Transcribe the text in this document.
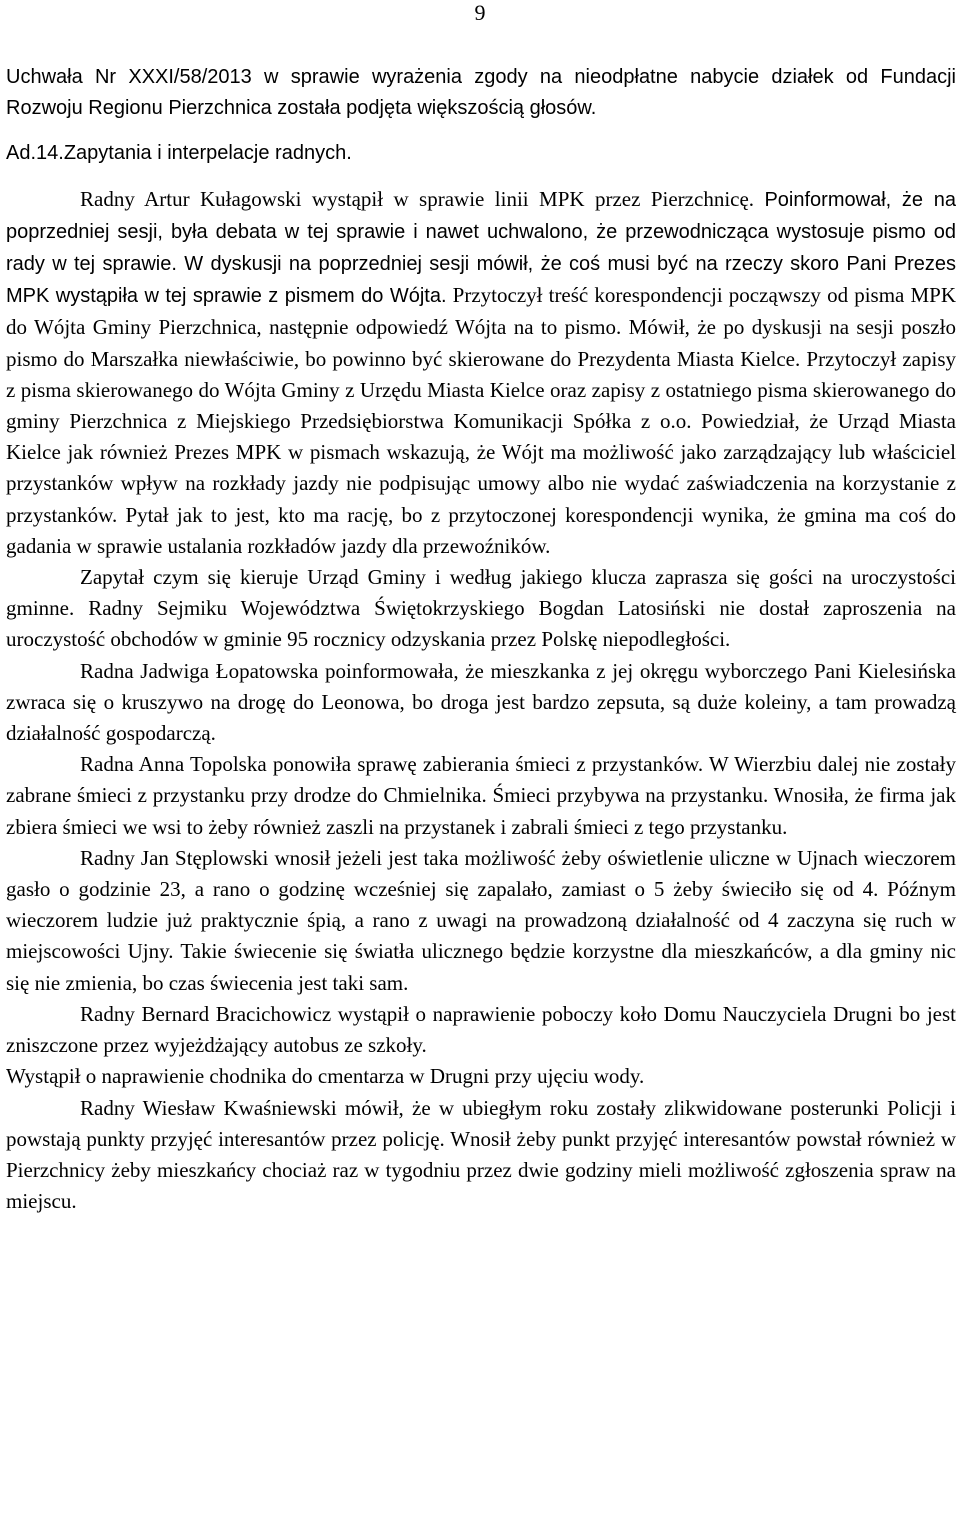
9

Uchwała Nr XXXI/58/2013 w sprawie wyrażenia zgody na nieodpłatne nabycie działek od Fundacji Rozwoju Regionu Pierzchnica została podjęta większością głosów.

Ad.14.Zapytania i interpelacje radnych.

Radny Artur Kułagowski wystąpił w sprawie linii MPK przez Pierzchnicę. Poinformował, że na poprzedniej sesji, była debata w tej sprawie i nawet uchwalono, że przewodnicząca wystosuje pismo od rady w tej sprawie. W dyskusji na poprzedniej sesji mówił, że coś musi być na rzeczy skoro Pani Prezes MPK wystąpiła w tej sprawie z pismem do Wójta. Przytoczył treść korespondencji począwszy od pisma MPK do Wójta Gminy Pierzchnica, następnie odpowiedź Wójta na to pismo. Mówił, że po dyskusji na sesji poszło pismo do Marszałka niewłaściwie, bo powinno być skierowane do Prezydenta Miasta Kielce. Przytoczył zapisy z pisma skierowanego do Wójta Gminy z Urzędu Miasta Kielce oraz zapisy z ostatniego pisma skierowanego do gminy Pierzchnica z Miejskiego Przedsiębiorstwa Komunikacji Spółka z o.o. Powiedział, że Urząd Miasta Kielce jak również Prezes MPK w pismach wskazują, że Wójt ma możliwość jako zarządzający lub właściciel przystanków wpływ na rozkłady jazdy nie podpisując umowy albo nie wydać zaświadczenia na korzystanie z przystanków. Pytał jak to jest, kto ma rację, bo z przytoczonej korespondencji wynika, że gmina ma coś do gadania w sprawie ustalania rozkładów jazdy dla przewoźników.

Zapytał czym się kieruje Urząd Gminy i według jakiego klucza zaprasza się gości na uroczystości gminne. Radny Sejmiku Województwa Świętokrzyskiego Bogdan Latosiński nie dostał zaproszenia na uroczystość obchodów w gminie 95 rocznicy odzyskania przez Polskę niepodległości.

Radna Jadwiga Łopatowska poinformowała, że mieszkanka z jej okręgu wyborczego Pani Kielesińska zwraca się o kruszywo na drogę do Leonowa, bo droga jest bardzo zepsuta, są duże koleiny, a tam prowadzą działalność gospodarczą.

Radna Anna Topolska ponowiła sprawę zabierania śmieci z przystanków. W Wierzbiu dalej nie zostały zabrane śmieci z przystanku przy drodze do Chmielnika. Śmieci przybywa na przystanku. Wnosiła, że firma jak zbiera śmieci we wsi to żeby również zaszli na przystanek i zabrali śmieci z tego przystanku.

Radny Jan Stęplowski wnosił jeżeli jest taka możliwość żeby oświetlenie uliczne w Ujnach wieczorem gasło o godzinie 23, a rano o godzinę wcześniej się zapalało, zamiast o 5 żeby świeciło się od 4. Późnym wieczorem ludzie już praktycznie śpią, a rano z uwagi na prowadzoną działalność od 4 zaczyna się ruch w miejscowości Ujny. Takie świecenie się światła ulicznego będzie korzystne dla mieszkańców, a dla gminy nic się nie zmienia, bo czas świecenia jest taki sam.

Radny Bernard Bracichowicz wystąpił o naprawienie poboczy koło Domu Nauczyciela Drugni bo jest zniszczone przez wyjeżdżający autobus ze szkoły.

Wystąpił o naprawienie chodnika do cmentarza w Drugni przy ujęciu wody.

Radny Wiesław Kwaśniewski mówił, że w ubiegłym roku zostały zlikwidowane posterunki Policji i powstają punkty przyjęć interesantów przez policję. Wnosił żeby punkt przyjęć interesantów powstał również w Pierzchnicy żeby mieszkańcy chociaż raz w tygodniu przez dwie godziny mieli możliwość zgłoszenia spraw na miejscu.
